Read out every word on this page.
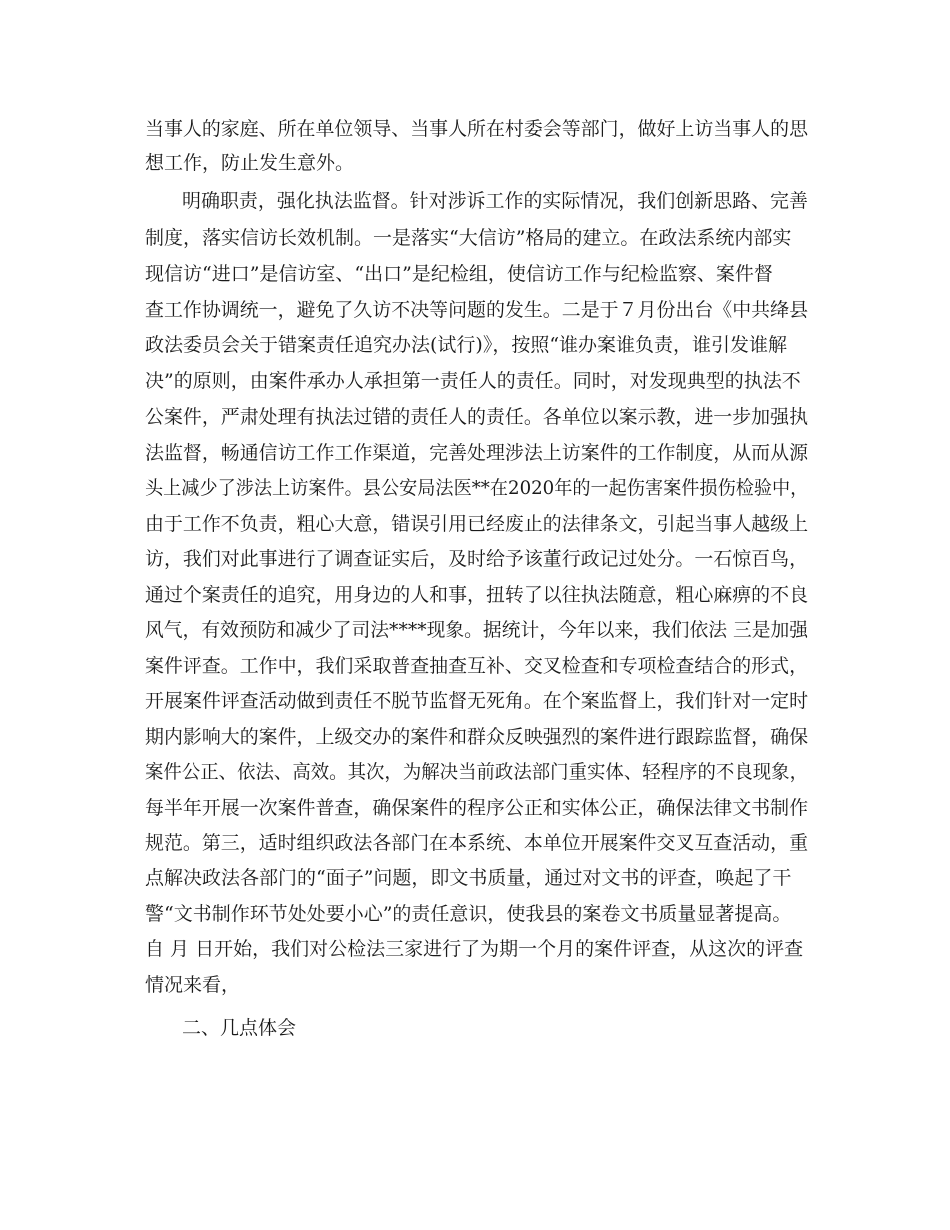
当事人的家庭、所在单位领导、当事人所在村委会等部门，做好上访当事人的思
想工作，防止发生意外。
明确职责，强化执法监督。针对涉诉工作的实际情况，我们创新思路、完善
制度，落实信访长效机制。一是落实“大信访”格局的建立。在政法系统内部实
现信访“进口”是信访室、“出口”是纪检组，使信访工作与纪检监察、案件督
查工作协调统一，避免了久访不决等问题的发生。二是于７月份出台《中共绛县
政法委员会关于错案责任追究办法(试行)》，按照“谁办案谁负责，谁引发谁解
决”的原则，由案件承办人承担第一责任人的责任。同时，对发现典型的执法不
公案件，严肃处理有执法过错的责任人的责任。各单位以案示教，进一步加强执
法监督，畅通信访工作工作渠道，完善处理涉法上访案件的工作制度，从而从源
头上减少了涉法上访案件。县公安局法医**在2020年的一起伤害案件损伤检验中，
由于工作不负责，粗心大意，错误引用已经废止的法律条文，引起当事人越级上
访，我们对此事进行了调查证实后，及时给予该董行政记过处分。一石惊百鸟，
通过个案责任的追究，用身边的人和事，扭转了以往执法随意，粗心麻痹的不良
风气，有效预防和减少了司法****现象。据统计，今年以来，我们依法 三是加强
案件评查。工作中，我们采取普查抽查互补、交叉检查和专项检查结合的形式，
开展案件评查活动做到责任不脱节监督无死角。在个案监督上，我们针对一定时
期内影响大的案件，上级交办的案件和群众反映强烈的案件进行跟踪监督，确保
案件公正、依法、高效。其次，为解决当前政法部门重实体、轻程序的不良现象，
每半年开展一次案件普查，确保案件的程序公正和实体公正，确保法律文书制作
规范。第三，适时组织政法各部门在本系统、本单位开展案件交叉互查活动，重
点解决政法各部门的“面子”问题，即文书质量，通过对文书的评查，唤起了干
警“文书制作环节处处要小心”的责任意识，使我县的案卷文书质量显著提高。
自 月 日开始，我们对公检法三家进行了为期一个月的案件评查，从这次的评查
情况来看，
二、几点体会
